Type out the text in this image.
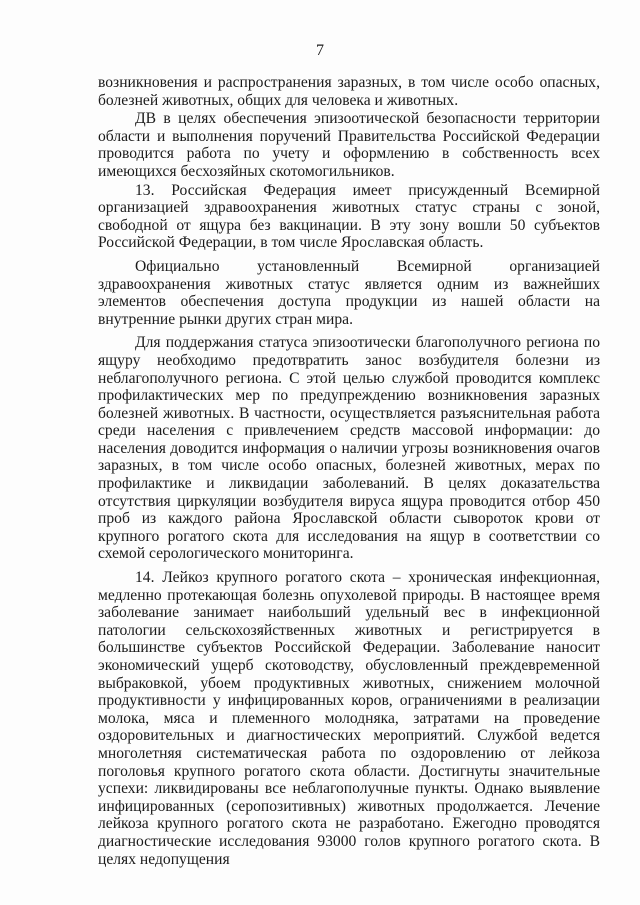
7

возникновения и распространения заразных, в том числе особо опасных, болезней животных, общих для человека и животных.

ДВ в целях обеспечения эпизоотической безопасности территории области и выполнения поручений Правительства Российской Федерации проводится работа по учету и оформлению в собственность всех имеющихся бесхозяйных скотомогильников.

13. Российская Федерация имеет присужденный Всемирной организацией здравоохранения животных статус страны с зоной, свободной от ящура без вакцинации. В эту зону вошли 50 субъектов Российской Федерации, в том числе Ярославская область.

Официально установленный Всемирной организацией здравоохранения животных статус является одним из важнейших элементов обеспечения доступа продукции из нашей области на внутренние рынки других стран мира.

Для поддержания статуса эпизоотически благополучного региона по ящуру необходимо предотвратить занос возбудителя болезни из неблагополучного региона. С этой целью службой проводится комплекс профилактических мер по предупреждению возникновения заразных болезней животных. В частности, осуществляется разъяснительная работа среди населения с привлечением средств массовой информации: до населения доводится информация о наличии угрозы возникновения очагов заразных, в том числе особо опасных, болезней животных, мерах по профилактике и ликвидации заболеваний. В целях доказательства отсутствия циркуляции возбудителя вируса ящура проводится отбор 450 проб из каждого района Ярославской области сывороток крови от крупного рогатого скота для исследования на ящур в соответствии со схемой серологического мониторинга.

14. Лейкоз крупного рогатого скота – хроническая инфекционная, медленно протекающая болезнь опухолевой природы. В настоящее время заболевание занимает наибольший удельный вес в инфекционной патологии сельскохозяйственных животных и регистрируется в большинстве субъектов Российской Федерации. Заболевание наносит экономический ущерб скотоводству, обусловленный преждевременной выбраковкой, убоем продуктивных животных, снижением молочной продуктивности у инфицированных коров, ограничениями в реализации молока, мяса и племенного молодняка, затратами на проведение оздоровительных и диагностических мероприятий. Службой ведется многолетняя систематическая работа по оздоровлению от лейкоза поголовья крупного рогатого скота области. Достигнуты значительные успехи: ликвидированы все неблагополучные пункты. Однако выявление инфицированных (серопозитивных) животных продолжается. Лечение лейкоза крупного рогатого скота не разработано. Ежегодно проводятся диагностические исследования 93000 голов крупного рогатого скота. В целях недопущения
